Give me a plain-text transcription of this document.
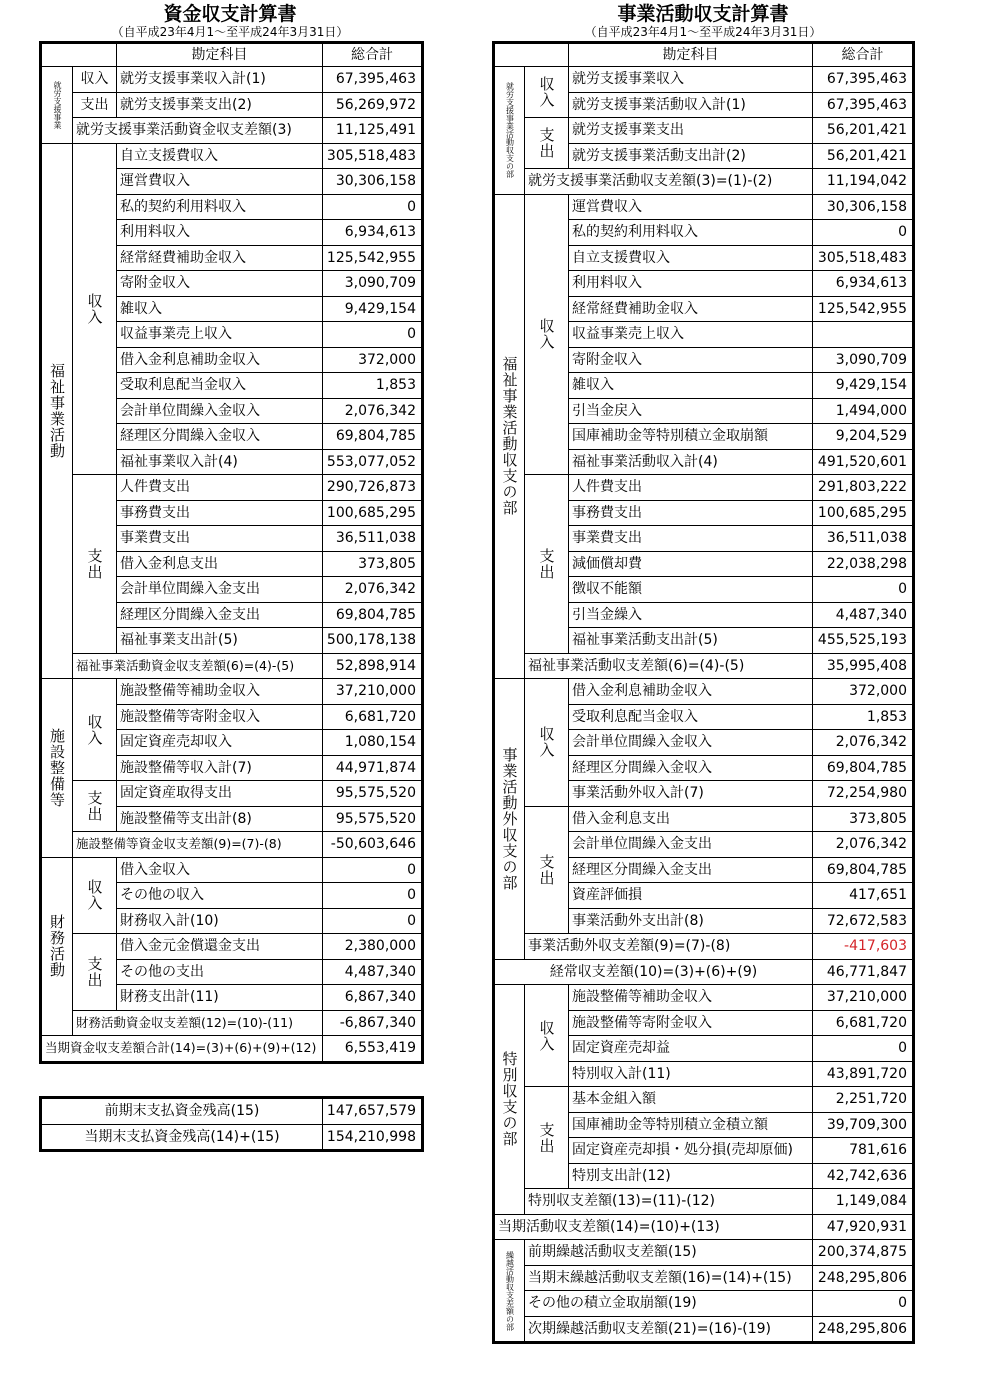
資金収支計算書
（自平成23年4月1～至平成24年3月31日）
事業活動収支計算書
（自平成23年4月1～至平成24年3月31日）
		勘定科目	総合計
就労支援事業	収入	就労支援事業収入計(1)	67,395,463
	支出	就労支援事業支出(2)	56,269,972
	就労支援事業活動資金収支差額(3)		11,125,491
福祉事業活動	収入	自立支援費収入	305,518,483
		運営費収入	30,306,158
		私的契約利用料収入	0
		利用料収入	6,934,613
		経常経費補助金収入	125,542,955
		寄附金収入	3,090,709
		雑収入	9,429,154
		収益事業売上収入	0
		借入金利息補助金収入	372,000
		受取利息配当金収入	1,853
		会計単位間繰入金収入	2,076,342
		経理区分間繰入金収入	69,804,785
		福祉事業収入計(4)	553,077,052
	支出	人件費支出	290,726,873
		事務費支出	100,685,295
		事業費支出	36,511,038
		借入金利息支出	373,805
		会計単位間繰入金支出	2,076,342
		経理区分間繰入金支出	69,804,785
		福祉事業支出計(5)	500,178,138
	福祉事業活動資金収支差額(6)=(4)-(5)		52,898,914
施設整備等	収入	施設整備等補助金収入	37,210,000
		施設整備等寄附金収入	6,681,720
		固定資産売却収入	1,080,154
		施設整備等収入計(7)	44,971,874
	支出	固定資産取得支出	95,575,520
		施設整備等支出計(8)	95,575,520
	施設整備等資金収支差額(9)=(7)-(8)		-50,603,646
財務活動	収入	借入金収入	0
		その他の収入	0
		財務収入計(10)	0
	支出	借入金元金償還金支出	2,380,000
		その他の支出	4,487,340
		財務支出計(11)	6,867,340
	財務活動資金収支差額(12)=(10)-(11)		-6,867,340
当期資金収支差額合計(14)=(3)+(6)+(9)+(12)			6,553,419
前期末支払資金残高(15)	147,657,579
当期末支払資金残高(14)+(15)	154,210,998
		勘定科目	総合計
就労支援事業活動収支の部	収入	就労支援事業収入	67,395,463
		就労支援事業活動収入計(1)	67,395,463
	支出	就労支援事業支出	56,201,421
		就労支援事業活動支出計(2)	56,201,421
	就労支援事業活動収支差額(3)=(1)-(2)		11,194,042
福祉事業活動収支の部	収入	運営費収入	30,306,158
		私的契約利用料収入	0
		自立支援費収入	305,518,483
		利用料収入	6,934,613
		経常経費補助金収入	125,542,955
		収益事業売上収入	
		寄附金収入	3,090,709
		雑収入	9,429,154
		引当金戻入	1,494,000
		国庫補助金等特別積立金取崩額	9,204,529
		福祉事業活動収入計(4)	491,520,601
	支出	人件費支出	291,803,222
		事務費支出	100,685,295
		事業費支出	36,511,038
		減価償却費	22,038,298
		徴収不能額	0
		引当金繰入	4,487,340
		福祉事業活動支出計(5)	455,525,193
	福祉事業活動収支差額(6)=(4)-(5)		35,995,408
事業活動外収支の部	収入	借入金利息補助金収入	372,000
		受取利息配当金収入	1,853
		会計単位間繰入金収入	2,076,342
		経理区分間繰入金収入	69,804,785
		事業活動外収入計(7)	72,254,980
	支出	借入金利息支出	373,805
		会計単位間繰入金支出	2,076,342
		経理区分間繰入金支出	69,804,785
		資産評価損	417,651
		事業活動外支出計(8)	72,672,583
	事業活動外収支差額(9)=(7)-(8)		-417,603
経常収支差額(10)=(3)+(6)+(9)			46,771,847
特別収支の部	収入	施設整備等補助金収入	37,210,000
		施設整備等寄附金収入	6,681,720
		固定資産売却益	0
		特別収入計(11)	43,891,720
	支出	基本金組入額	2,251,720
		国庫補助金等特別積立金積立額	39,709,300
		固定資産売却損・処分損(売却原価)	781,616
		特別支出計(12)	42,742,636
	特別収支差額(13)=(11)-(12)		1,149,084
当期活動収支差額(14)=(10)+(13)			47,920,931
繰越活動収支差額の部	前期繰越活動収支差額(15)		200,374,875
	当期末繰越活動収支差額(16)=(14)+(15)		248,295,806
	その他の積立金取崩額(19)		0
	次期繰越活動収支差額(21)=(16)-(19)		248,295,806
